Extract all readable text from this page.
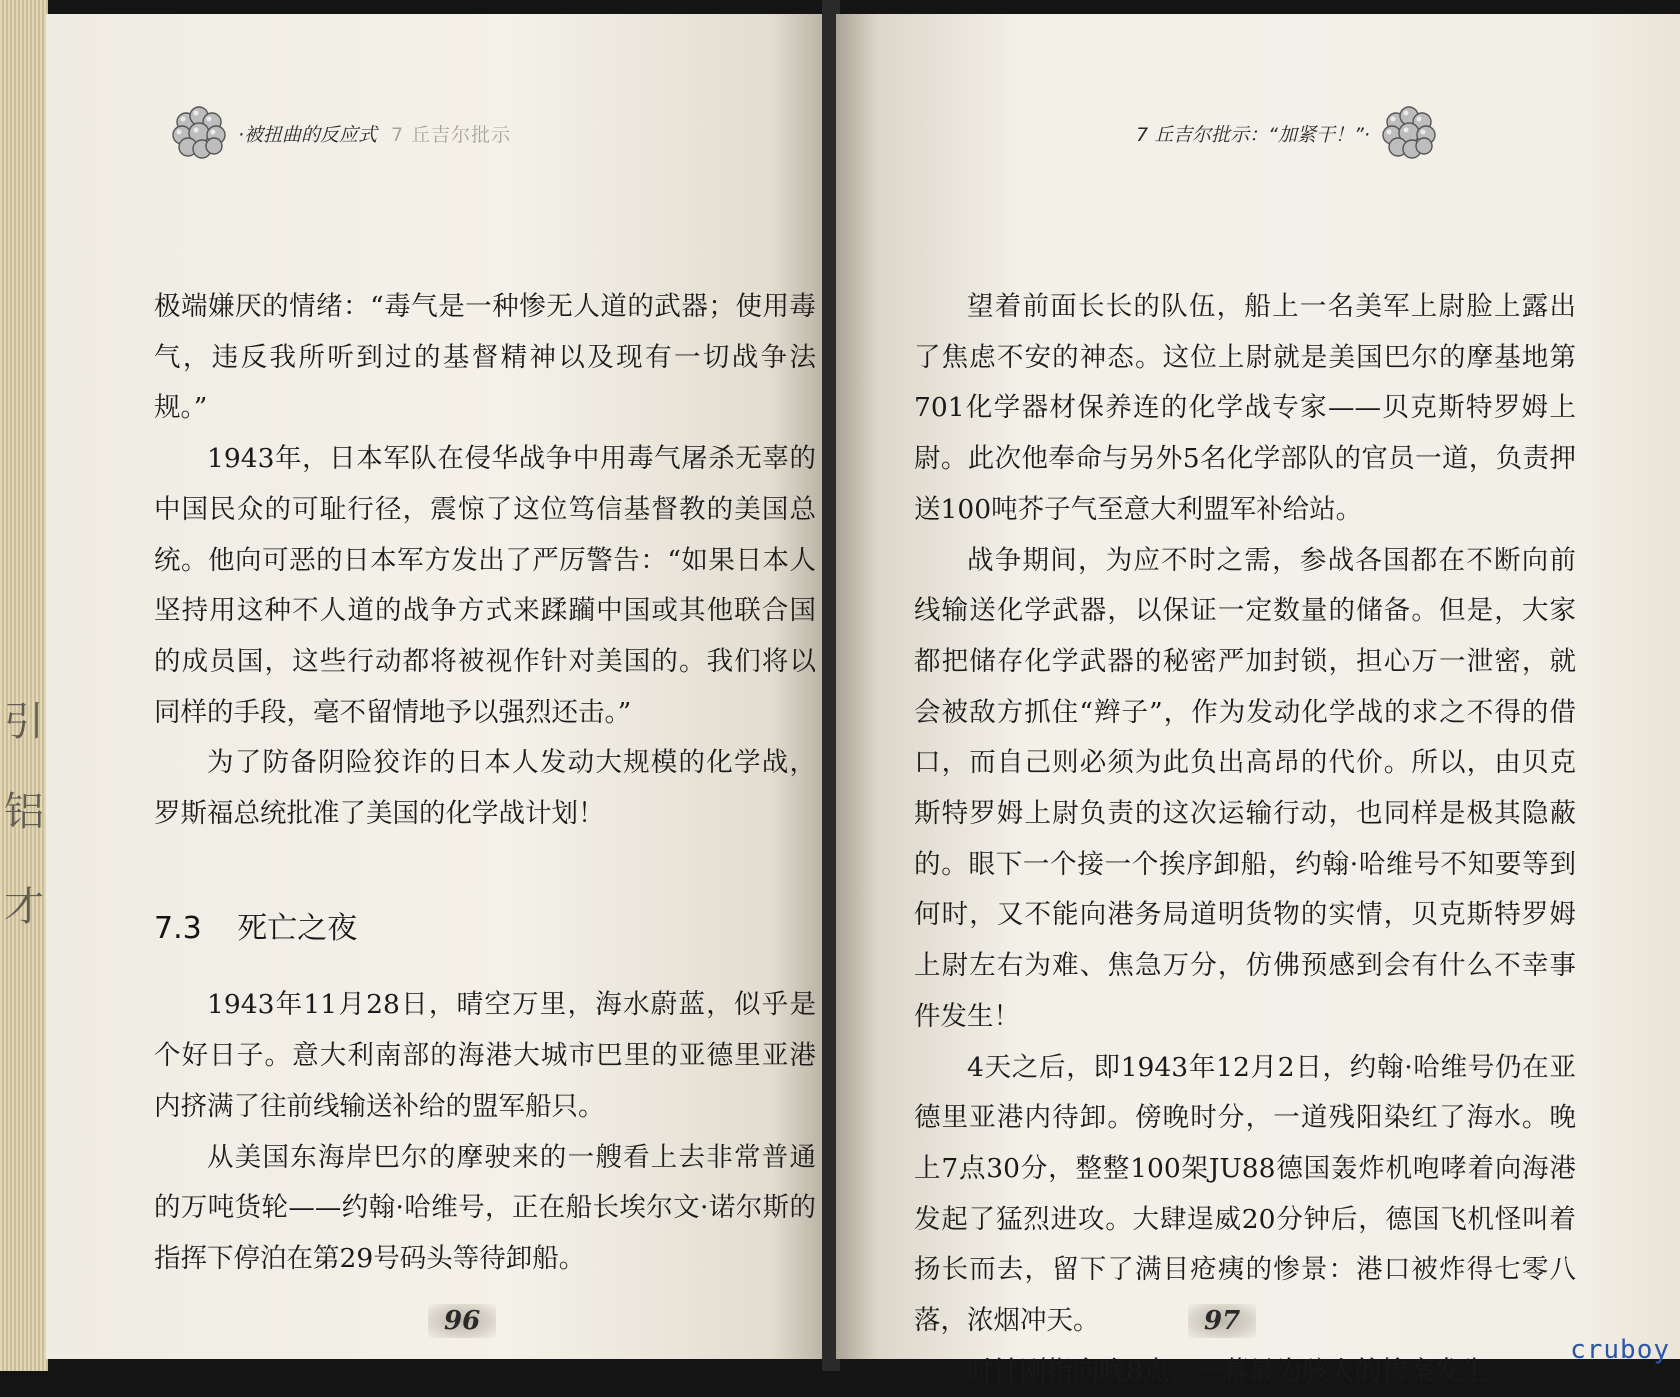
引
铝
才
·被扭曲的反应式 7 丘吉尔批示

极端嫌厌的情绪：“毒气是一种惨无人道的武器；使用毒气，违反我所听到过的基督精神以及现有一切战争法规。”

1943年，日本军队在侵华战争中用毒气屠杀无辜的中国民众的可耻行径，震惊了这位笃信基督教的美国总统。他向可恶的日本军方发出了严厉警告：“如果日本人坚持用这种不人道的战争方式来蹂躏中国或其他联合国的成员国，这些行动都将被视作针对美国的。我们将以同样的手段，毫不留情地予以强烈还击。”

为了防备阴险狡诈的日本人发动大规模的化学战，罗斯福总统批准了美国的化学战计划！

7.3 死亡之夜

1943年11月28日，晴空万里，海水蔚蓝，似乎是个好日子。意大利南部的海港大城市巴里的亚德里亚港内挤满了往前线输送补给的盟军船只。

从美国东海岸巴尔的摩驶来的一艘看上去非常普通的万吨货轮——约翰·哈维号，正在船长埃尔文·诺尔斯的指挥下停泊在第29号码头等待卸船。

96
7 丘吉尔批示：“加紧干！”·

望着前面长长的队伍，船上一名美军上尉脸上露出了焦虑不安的神态。这位上尉就是美国巴尔的摩基地第701化学器材保养连的化学战专家——贝克斯特罗姆上尉。此次他奉命与另外5名化学部队的官员一道，负责押送100吨芥子气至意大利盟军补给站。

战争期间，为应不时之需，参战各国都在不断向前线输送化学武器，以保证一定数量的储备。但是，大家都把储存化学武器的秘密严加封锁，担心万一泄密，就会被敌方抓住“辫子”，作为发动化学战的求之不得的借口，而自己则必须为此负出高昂的代价。所以，由贝克斯特罗姆上尉负责的这次运输行动，也同样是极其隐蔽的。眼下一个接一个挨序卸船，约翰·哈维号不知要等到何时，又不能向港务局道明货物的实情，贝克斯特罗姆上尉左右为难、焦急万分，仿佛预感到会有什么不幸事件发生！

4天之后，即1943年12月2日，约翰·哈维号仍在亚德里亚港内待卸。傍晚时分，一道残阳染红了海水。晚上7点30分，整整100架JU88德国轰炸机咆哮着向海港发起了猛烈进攻。大肆逞威20分钟后，德国飞机怪叫着扬长而去，留下了满目疮痍的惨景：港口被炸得七零八落，浓烟冲天。

时针刚指向晚8点，一幕最为骇人的惨案发生

97
cruboy
